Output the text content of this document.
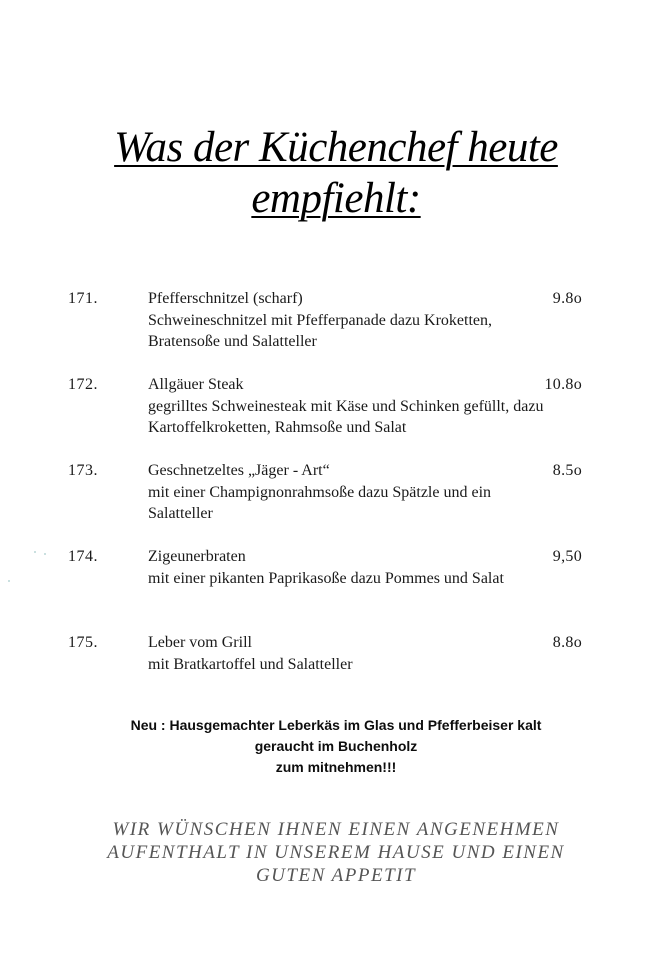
Was der Küchenchef heute
empfiehlt:
171.	Pfefferschnitzel (scharf)	9.8o
Schweineschnitzel mit Pfefferpanade dazu Kroketten,
Bratensoße und Salatteller
172.	Allgäuer Steak	10.8o
gegrilltes Schweinesteak mit Käse und Schinken gefüllt, dazu
Kartoffelkroketten, Rahmsoße und Salat
173.	Geschnetzeltes „Jäger - Art“	8.5o
mit einer Champignonrahmsoße dazu Spätzle und ein
Salatteller
174.	Zigeunerbraten	9,50
mit einer pikanten Paprikasoße dazu Pommes und Salat
175.	Leber vom Grill	8.8o
mit Bratkartoffel und Salatteller
Neu : Hausgemachter Leberkäs im Glas und Pfefferbeiser kalt
geraucht im Buchenholz
zum mitnehmen!!!
WIR WÜNSCHEN IHNEN EINEN ANGENEHMEN
AUFENTHALT IN UNSEREM HAUSE UND EINEN
GUTEN APPETIT
